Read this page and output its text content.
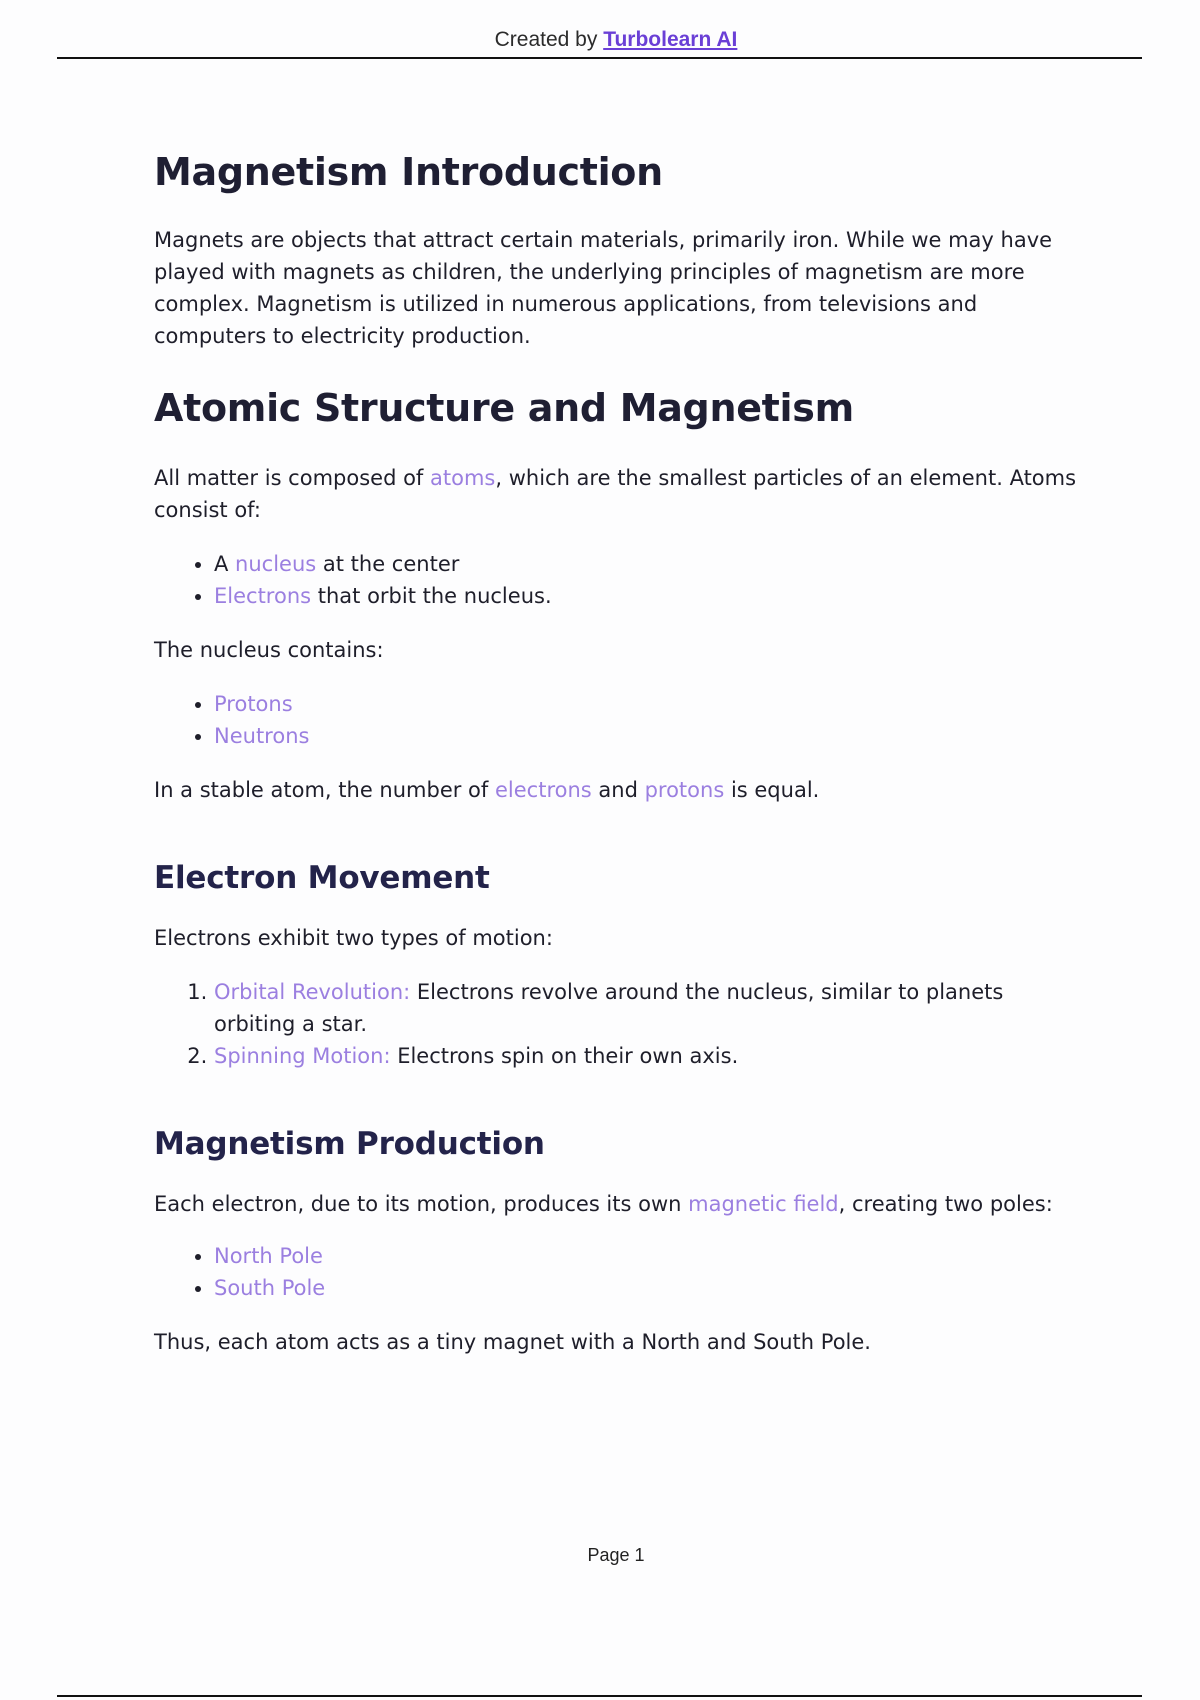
Created by Turbolearn AI
Magnetism Introduction

Magnets are objects that attract certain materials, primarily iron. While we may have played with magnets as children, the underlying principles of magnetism are more complex. Magnetism is utilized in numerous applications, from televisions and computers to electricity production.

Atomic Structure and Magnetism

All matter is composed of atoms, which are the smallest particles of an element. Atoms consist of:

• A nucleus at the center
• Electrons that orbit the nucleus.

The nucleus contains:

• Protons
• Neutrons

In a stable atom, the number of electrons and protons is equal.

Electron Movement

Electrons exhibit two types of motion:

1. Orbital Revolution: Electrons revolve around the nucleus, similar to planets orbiting a star.
2. Spinning Motion: Electrons spin on their own axis.
Magnetism Production

Each electron, due to its motion, produces its own magnetic field, creating two poles:

• North Pole
• South Pole

Thus, each atom acts as a tiny magnet with a North and South Pole.

Page 1
